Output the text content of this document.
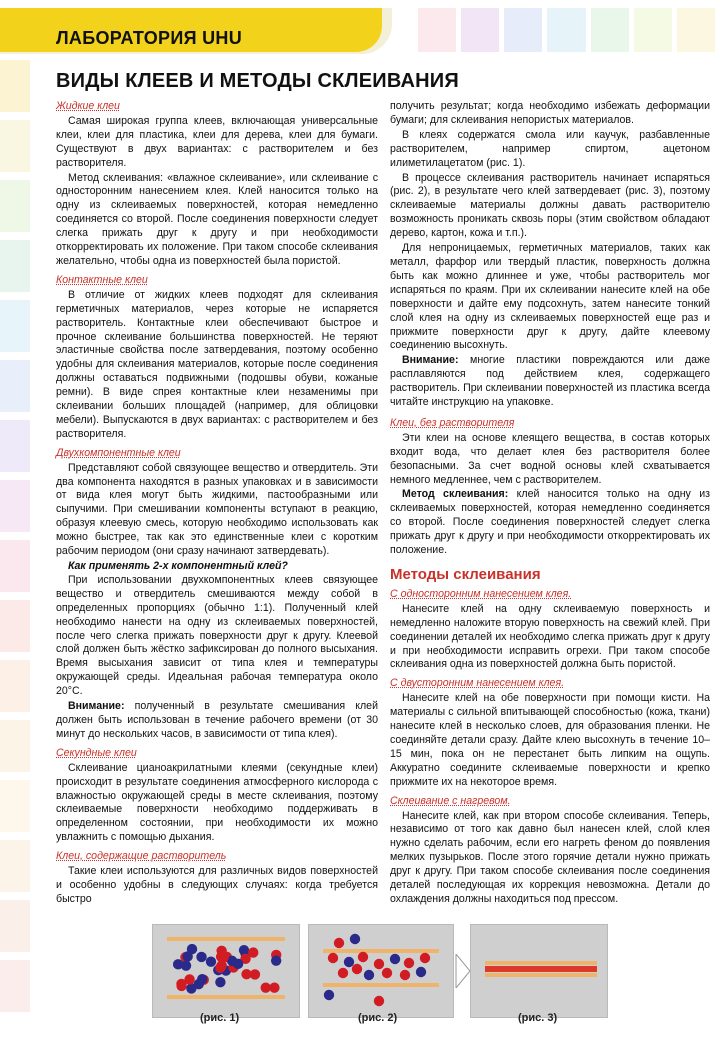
ЛАБОРАТОРИЯ UHU
ВИДЫ КЛЕЕВ И МЕТОДЫ СКЛЕИВАНИЯ
Жидкие клеи
Самая широкая группа клеев, включающая универсальные клеи, клеи для пластика, клеи для дерева, клеи для бумаги. Существуют в двух вариантах: с растворителем и без растворителя.
Метод склеивания: «влажное склеивание», или склеивание с односторонним нанесением клея. Клей наносится только на одну из склеиваемых поверхностей, которая немедленно соединяется со второй. После соединения поверхности следует слегка прижать друг к другу и при необходимости откорректировать их положение. При таком способе склеивания желательно, чтобы одна из поверхностей была пористой.
Контактные клеи
В отличие от жидких клеев подходят для склеивания герметичных материалов, через которые не испаряется растворитель. Контактные клеи обеспечивают быстрое и прочное склеивание большинства поверхностей. Не теряют эластичные свойства после затвердевания, поэтому особенно удобны для склеивания материалов, которые после соединения должны оставаться подвижными (подошвы обуви, кожаные ремни). В виде спрея контактные клеи незаменимы при склеивании больших площадей (например, для облицовки мебели). Выпускаются в двух вариантах: с растворителем и без растворителя.
Двухкомпонентные клеи
Представляют собой связующее вещество и отвердитель. Эти два компонента находятся в разных упаковках и в зависимости от вида клея могут быть жидкими, пастообразными или сыпучими. При смешивании компоненты вступают в реакцию, образуя клеевую смесь, которую необходимо использовать как можно быстрее, так как это единственные клеи с коротким рабочим периодом (они сразу начинают затвердевать).
Как применять 2-х компонентный клей?
При использовании двухкомпонентных клеев связующее вещество и отвердитель смешиваются между собой в определенных пропорциях (обычно 1:1). Полученный клей необходимо нанести на одну из склеиваемых поверхностей, после чего слегка прижать поверхности друг к другу. Клеевой слой должен быть жёстко зафиксирован до полного высыхания. Время высыхания зависит от типа клея и температуры окружающей среды. Идеальная рабочая температура около 20°С.
Внимание: полученный в результате смешивания клей должен быть использован в течение рабочего времени (от 30 минут до нескольких часов, в зависимости от типа клея).
Секундные клеи
Склеивание цианоакрилатными клеями (секундные клеи) происходит в результате соединения атмосферного кислорода с влажностью окружающей среды в месте склеивания, поэтому склеиваемые поверхности необходимо поддерживать в определенном состоянии, при необходимости их можно увлажнить с помощью дыхания.
Клеи, содержащие растворитель
Такие клеи используются для различных видов поверхностей и особенно удобны в следующих случаях: когда требуется быстро
получить результат; когда необходимо избежать деформации бумаги; для склеивания непористых материалов.
В клеях содержатся смола или каучук, разбавленные растворителем, например спиртом, ацетоном илиметилацетатом (рис. 1).
В процессе склеивания растворитель начинает испаряться (рис. 2), в результате чего клей затвердевает (рис. 3), поэтому склеиваемые материалы должны давать растворителю возможность проникать сквозь поры (этим свойством обладают дерево, картон, кожа и т.п.).
Для непроницаемых, герметичных материалов, таких как металл, фарфор или твердый пластик, поверхность должна быть как можно длиннее и уже, чтобы растворитель мог испаряться по краям. При их склеивании нанесите клей на обе поверхности и дайте ему подсохнуть, затем нанесите тонкий слой клея на одну из склеиваемых поверхностей еще раз и прижмите поверхности друг к другу, дайте клеевому соединению высохнуть.
Внимание: многие пластики повреждаются или даже расплавляются под действием клея, содержащего растворитель. При склеивании поверхностей из пластика всегда читайте инструкцию на упаковке.
Клеи, без растворителя
Эти клеи на основе клеящего вещества, в состав которых входит вода, что делает клея без растворителя более безопасными. За счет водной основы клей схватывается немного медленнее, чем с растворителем.
Метод склеивания: клей наносится только на одну из склеиваемых поверхностей, которая немедленно соединяется со второй. После соединения поверхностей следует слегка прижать друг к другу и при необходимости откорректировать их положение.
Методы склеивания
С односторонним нанесением клея.
Нанесите клей на одну склеиваемую поверхность и немедленно наложите вторую поверхность на свежий клей. При соединении деталей их необходимо слегка прижать друг к другу и при необходимости исправить огрехи. При таком способе склеивания одна из поверхностей должна быть пористой.
С двусторонним нанесением клея.
Нанесите клей на обе поверхности при помощи кисти. На материалы с сильной впитывающей способностью (кожа, ткани) нанесите клей в несколько слоев, для образования пленки. Не соединяйте детали сразу. Дайте клею высохнуть в течение 10–15 мин, пока он не перестанет быть липким на ощупь. Аккуратно соедините склеиваемые поверхности и крепко прижмите их на некоторое время.
Склеивание с нагревом.
Нанесите клей, как при втором способе склеивания. Теперь, независимо от того как давно был нанесен клей, слой клея нужно сделать рабочим, если его нагреть феном до появления мелких пузырьков. После этого горячие детали нужно прижать друг к другу. При таком способе склеивания после соединения деталей последующая их коррекция невозможна. Детали до охлаждения должны находиться под прессом.
(рис. 1)	(рис. 2)	(рис. 3)
